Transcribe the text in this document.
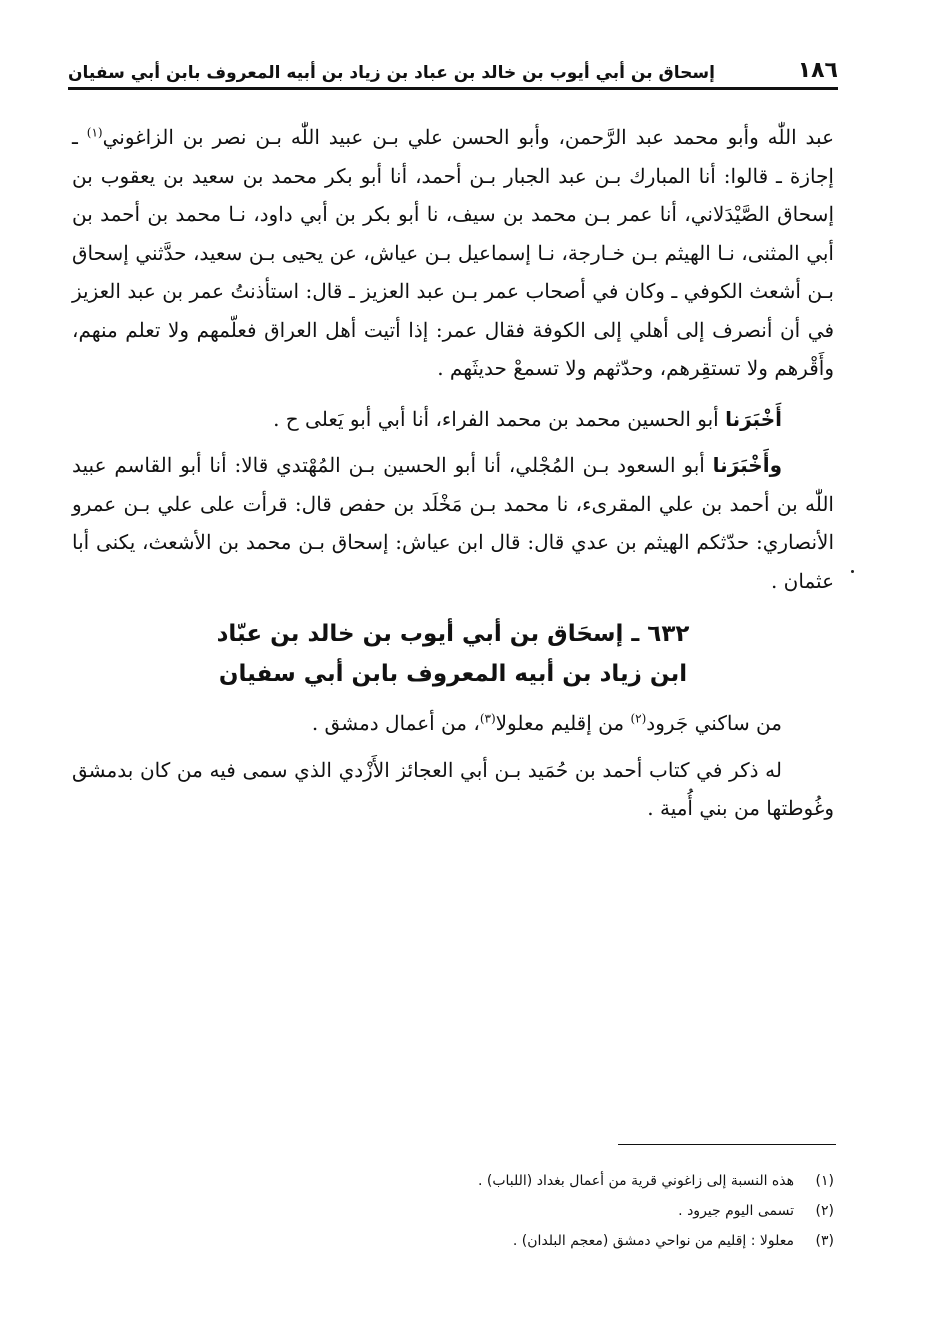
١٨٦
إسحاق بن أبي أيوب بن خالد بن عباد بن زياد بن أبيه المعروف بابن أبي سفيان

عبد اللّٰه وأبو محمد عبد الرَّحمن، وأبو الحسن علي بـن عبيد اللّٰه بـن نصر بن الزاغوني$^{(١)}$ ـ إجازة ـ قالوا: أنا المبارك بـن عبد الجبار بـن أحمد، أنا أبو بكر محمد بن سعيد بن يعقوب بن إسحاق الصَّيْدَلاني، أنا عمر بـن محمد بن سيف، نا أبو بكر بن أبي داود، نـا محمد بن أحمد بن أبي المثنى، نـا الهيثم بـن خـارجة، نـا إسماعيل بـن عياش، عن يحيى بـن سعيد، حدَّثني إسحاق بـن أشعث الكوفي ـ وكان في أصحاب عمر بـن عبد العزيز ـ قال: استأذنتُ عمر بن عبد العزيز في أن أنصرف إلى أهلي إلى الكوفة فقال عمر: إذا أتيت أهل العراق فعلّمهم ولا تعلم منهم، وأَقْرهم ولا تستقِرهم، وحدّثهم ولا تسمعْ حديثَهم .

أَخْبَرَنا أبو الحسين محمد بن محمد الفراء، أنا أبي أبو يَعلى ح .

وأَخْبَرَنا أبو السعود بـن المُجْلي، أنا أبو الحسين بـن المُهْتدي قالا: أنا أبو القاسم عبيد اللّٰه بن أحمد بن علي المقرىء، نا محمد بـن مَخْلَد بن حفص قال: قرأت على علي بـن عمرو الأنصاري: حدّثكم الهيثم بن عدي قال: قال ابن عياش: إسحاق بـن محمد بن الأشعث، يكنى أبا عثمان .

٦٣٢ ـ إسحَاق بن أبي أيوب بن خالد بن عبّاد
ابن زياد بن أبيه المعروف بابن أبي سفيان

من ساكني جَرود$^{(٢)}$ من إقليم معلولا$^{(٣)}$، من أعمال دمشق .

له ذكر في كتاب أحمد بن حُمَيد بـن أبي العجائز الأَزْدي الذي سمى فيه من كان بدمشق وغُوطتها من بني أُمية .

(١)
هذه النسبة إلى زاغوني قرية من أعمال بغداد (اللباب) .
(٢)
تسمى اليوم جيرود .
(٣)
معلولا : إقليم من نواحي دمشق (معجم البلدان) .
